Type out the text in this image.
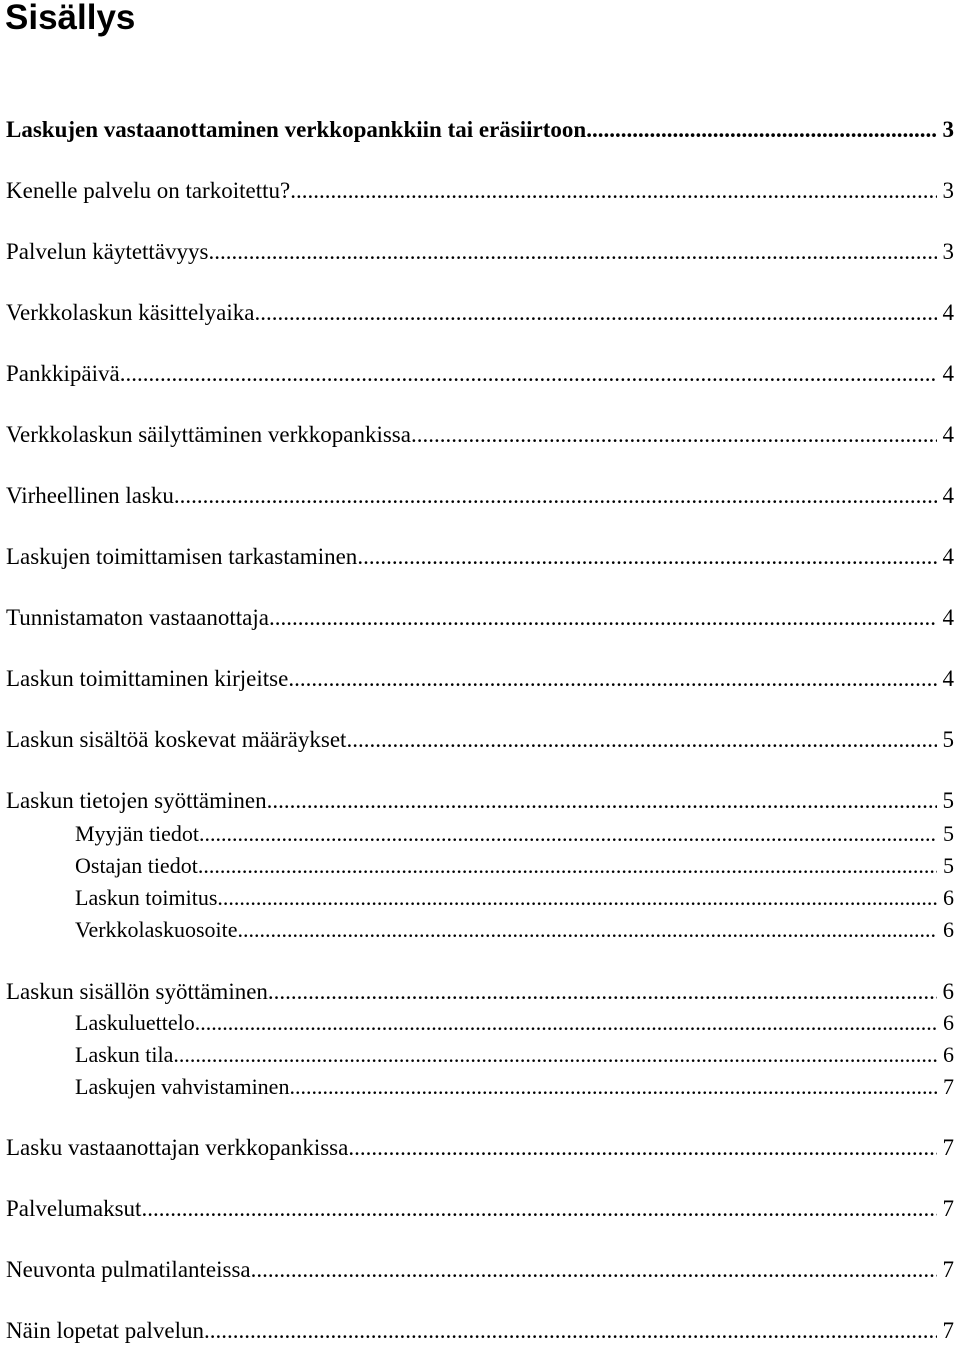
Sisällys
Laskujen vastaanottaminen verkkopankkiin tai eräsiirtoon .....	3
Kenelle palvelu on tarkoitettu? .....	3
Palvelun käytettävyys .....	3
Verkkolaskun käsittelyaika .....	4
Pankkipäivä .....	4
Verkkolaskun säilyttäminen verkkopankissa .....	4
Virheellinen lasku .....	4
Laskujen toimittamisen tarkastaminen .....	4
Tunnistamaton vastaanottaja .....	4
Laskun toimittaminen kirjeitse .....	4
Laskun sisältöä koskevat määräykset .....	5
Laskun tietojen syöttäminen .....	5
Myyjän tiedot .....	5
Ostajan tiedot .....	5
Laskun toimitus .....	6
Verkkolaskuosoite .....	6
Laskun sisällön syöttäminen .....	6
Laskuluettelo .....	6
Laskun tila .....	6
Laskujen vahvistaminen .....	7
Lasku vastaanottajan verkkopankissa .....	7
Palvelumaksut .....	7
Neuvonta pulmatilanteissa .....	7
Näin lopetat palvelun .....	7
